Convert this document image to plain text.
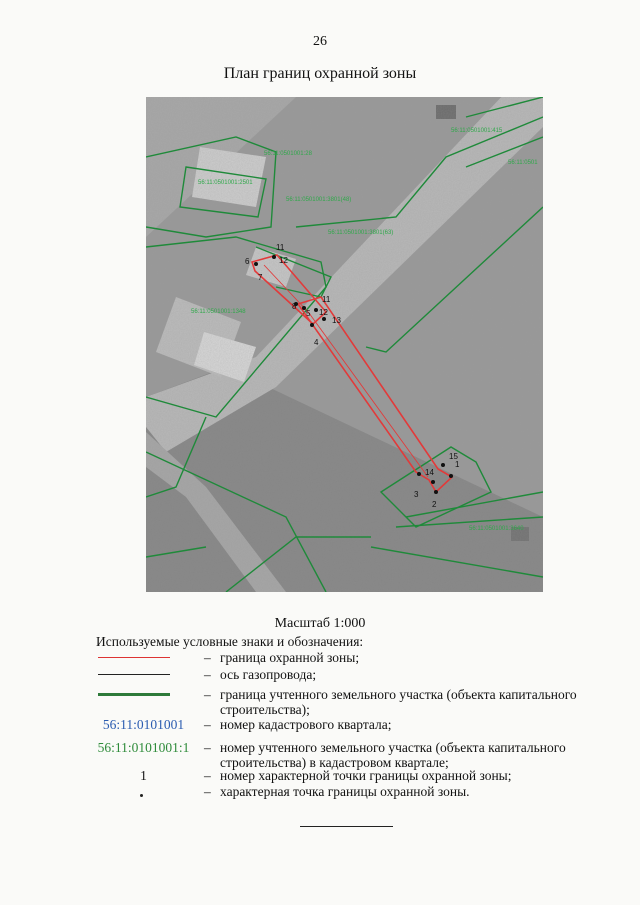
26
План границ охранной зоны
11
6	12
7
8
5 12
13
4
11
3
2
14
1
15
56:11:0501001:415
56:11:0501
56:11:0501001:28
56:11:0501001:2501
56:11:0501001:3801(48)
56:11:0501001:3801(63)
56:11:0501001:1348
56:11:0501001:3640
Масштаб 1:000
Используемые условные знаки и обозначения:
– граница охранной зоны;
– ось газопровода;
– граница учтенного земельного участка (объекта капитального строительства);
56:11:0101001	– номер кадастрового квартала;
56:11:0101001:1 – номер учтенного земельного участка (объекта капитального строительства) в кадастровом квартале;
1	– номер характерной точки границы охранной зоны;
– характерная точка границы охранной зоны.
